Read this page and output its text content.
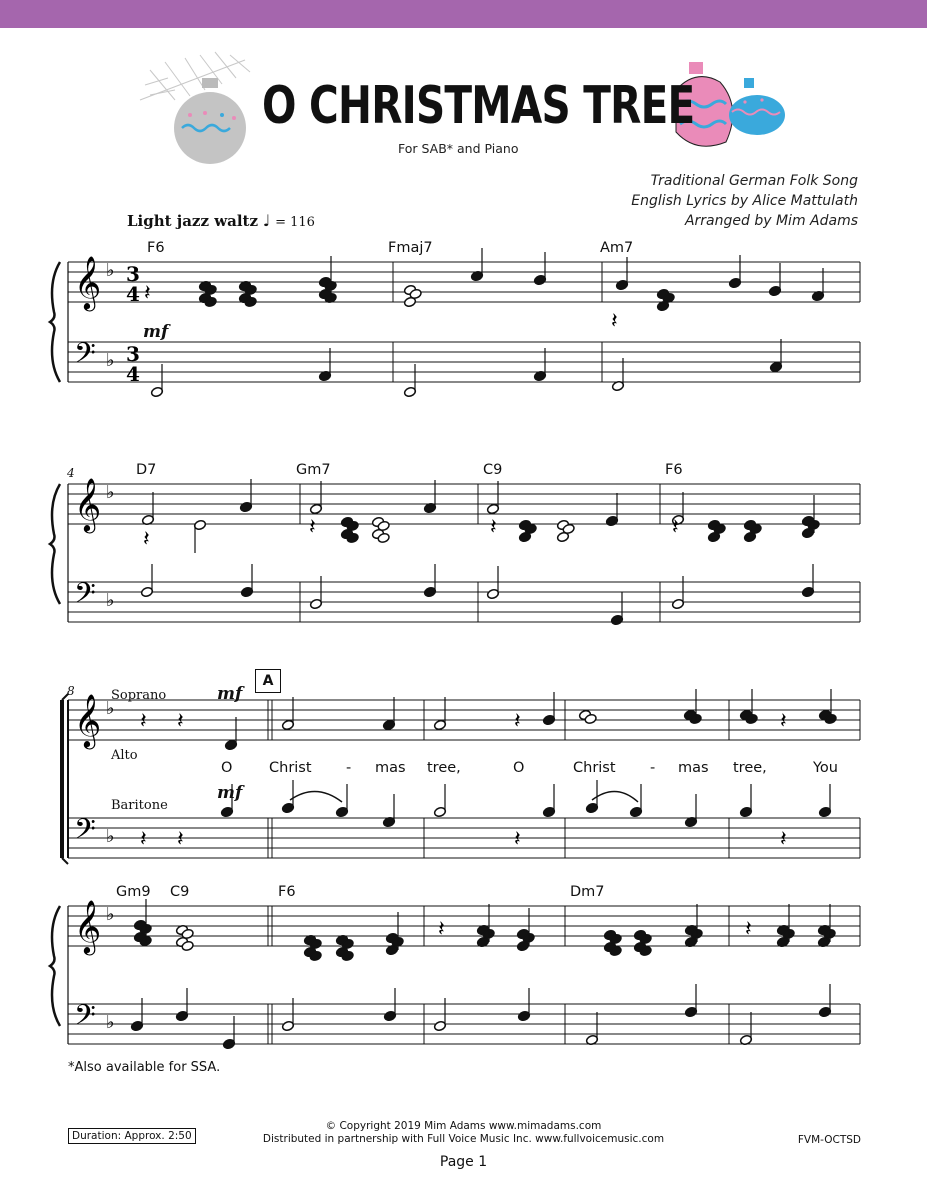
O CHRISTMAS TREE
For SAB* and Piano
Traditional German Folk Song
English Lyrics by Alice Mattulath
Arranged by Mim Adams
Light jazz waltz ♩ = 116
F6	Fmaj7	Am7
4	D7	Gm7	C9	F6
8	Soprano
Alto
Baritone
mf
mf
A
O	Christ - mas tree,	O	Christ - mas tree,	You
Gm9 C9	F6	Dm7
mf
𝄞 ♭
𝄢 ♭
3
4
3
4
𝄽
𝄽
𝄞 ♭
𝄢 ♭
𝄽	𝄽	𝄽	𝄽
𝄞 ♭
𝄢 ♭
𝄽 𝄽	𝄽	𝄽
𝄽 𝄽	𝄽	𝄽
𝄞 ♭
𝄢 ♭
𝄽	𝄽
*Also available for SSA.
Duration: Approx. 2:50
© Copyright 2019 Mim Adams www.mimadams.com
Distributed in partnership with Full Voice Music Inc. www.fullvoicemusic.com	FVM-OCTSD
Page 1
